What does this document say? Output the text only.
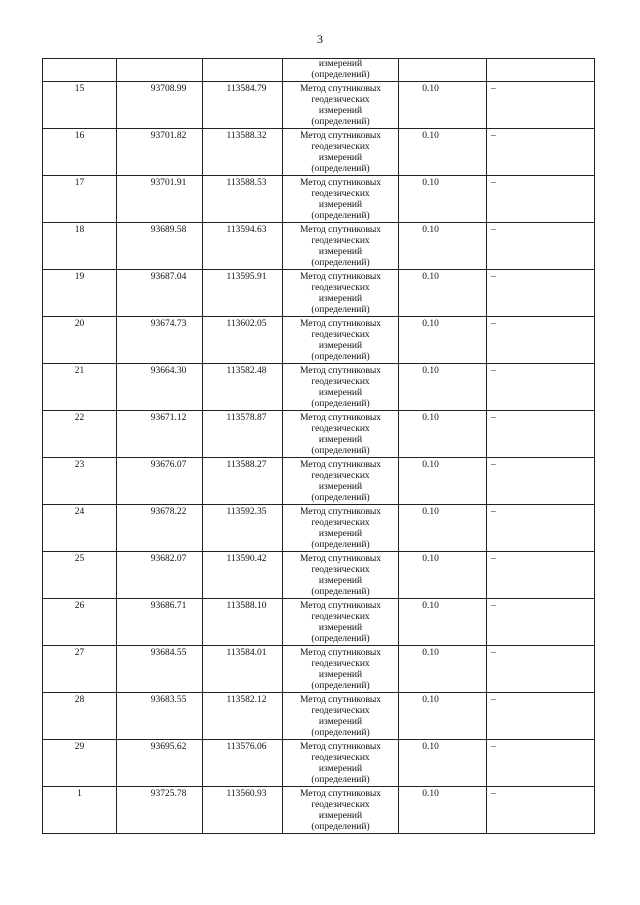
3

			измерений
(определений)		

15	93708.99	113584.79	Метод спутниковых
геодезических
измерений
(определений)	0.10	–

16	93701.82	113588.32	Метод спутниковых
геодезических
измерений
(определений)	0.10	–

17	93701.91	113588.53	Метод спутниковых
геодезических
измерений
(определений)	0.10	–

18	93689.58	113594.63	Метод спутниковых
геодезических
измерений
(определений)	0.10	–

19	93687.04	113595.91	Метод спутниковых
геодезических
измерений
(определений)	0.10	–

20	93674.73	113602.05	Метод спутниковых
геодезических
измерений
(определений)	0.10	–

21	93664.30	113582.48	Метод спутниковых
геодезических
измерений
(определений)	0.10	–

22	93671.12	113578.87	Метод спутниковых
геодезических
измерений
(определений)	0.10	–

23	93676.07	113588.27	Метод спутниковых
геодезических
измерений
(определений)	0.10	–

24	93678.22	113592.35	Метод спутниковых
геодезических
измерений
(определений)	0.10	–

25	93682.07	113590.42	Метод спутниковых
геодезических
измерений
(определений)	0.10	–

26	93686.71	113588.10	Метод спутниковых
геодезических
измерений
(определений)	0.10	–

27	93684.55	113584.01	Метод спутниковых
геодезических
измерений
(определений)	0.10	–

28	93683.55	113582.12	Метод спутниковых
геодезических
измерений
(определений)	0.10	–

29	93695.62	113576.06	Метод спутниковых
геодезических
измерений
(определений)	0.10	–

1	93725.78	113560.93	Метод спутниковых
геодезических
измерений
(определений)	0.10	–
